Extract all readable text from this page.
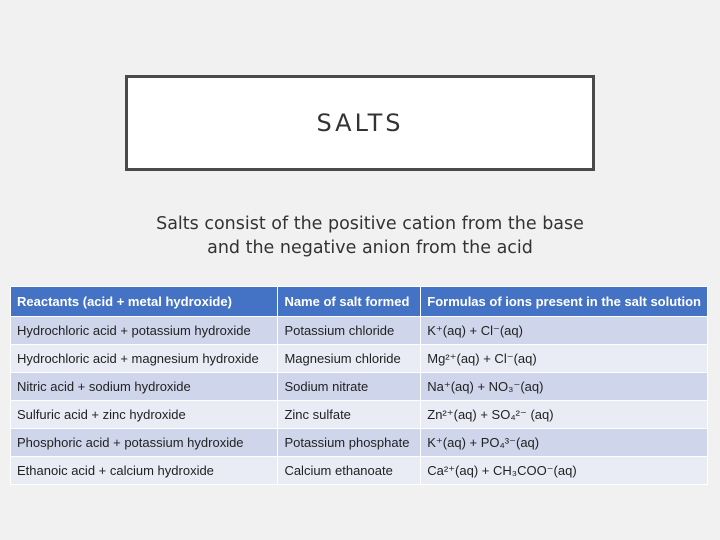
SALTS
Salts consist of the positive cation from the base
and the negative anion from the acid
Reactants (acid + metal hydroxide)	Name of salt formed	Formulas of ions present in the salt solution
Hydrochloric acid + potassium hydroxide	Potassium chloride	K⁺(aq) + Cl⁻(aq)
Hydrochloric acid + magnesium hydroxide	Magnesium chloride	Mg²⁺(aq) + Cl⁻(aq)
Nitric acid + sodium hydroxide	Sodium nitrate	Na⁺(aq) + NO₃⁻(aq)
Sulfuric acid + zinc hydroxide	Zinc sulfate	Zn²⁺(aq) + SO₄²⁻ (aq)
Phosphoric acid + potassium hydroxide	Potassium phosphate	K⁺(aq) + PO₄³⁻(aq)
Ethanoic acid + calcium hydroxide	Calcium ethanoate	Ca²⁺(aq) + CH₃COO⁻(aq)
